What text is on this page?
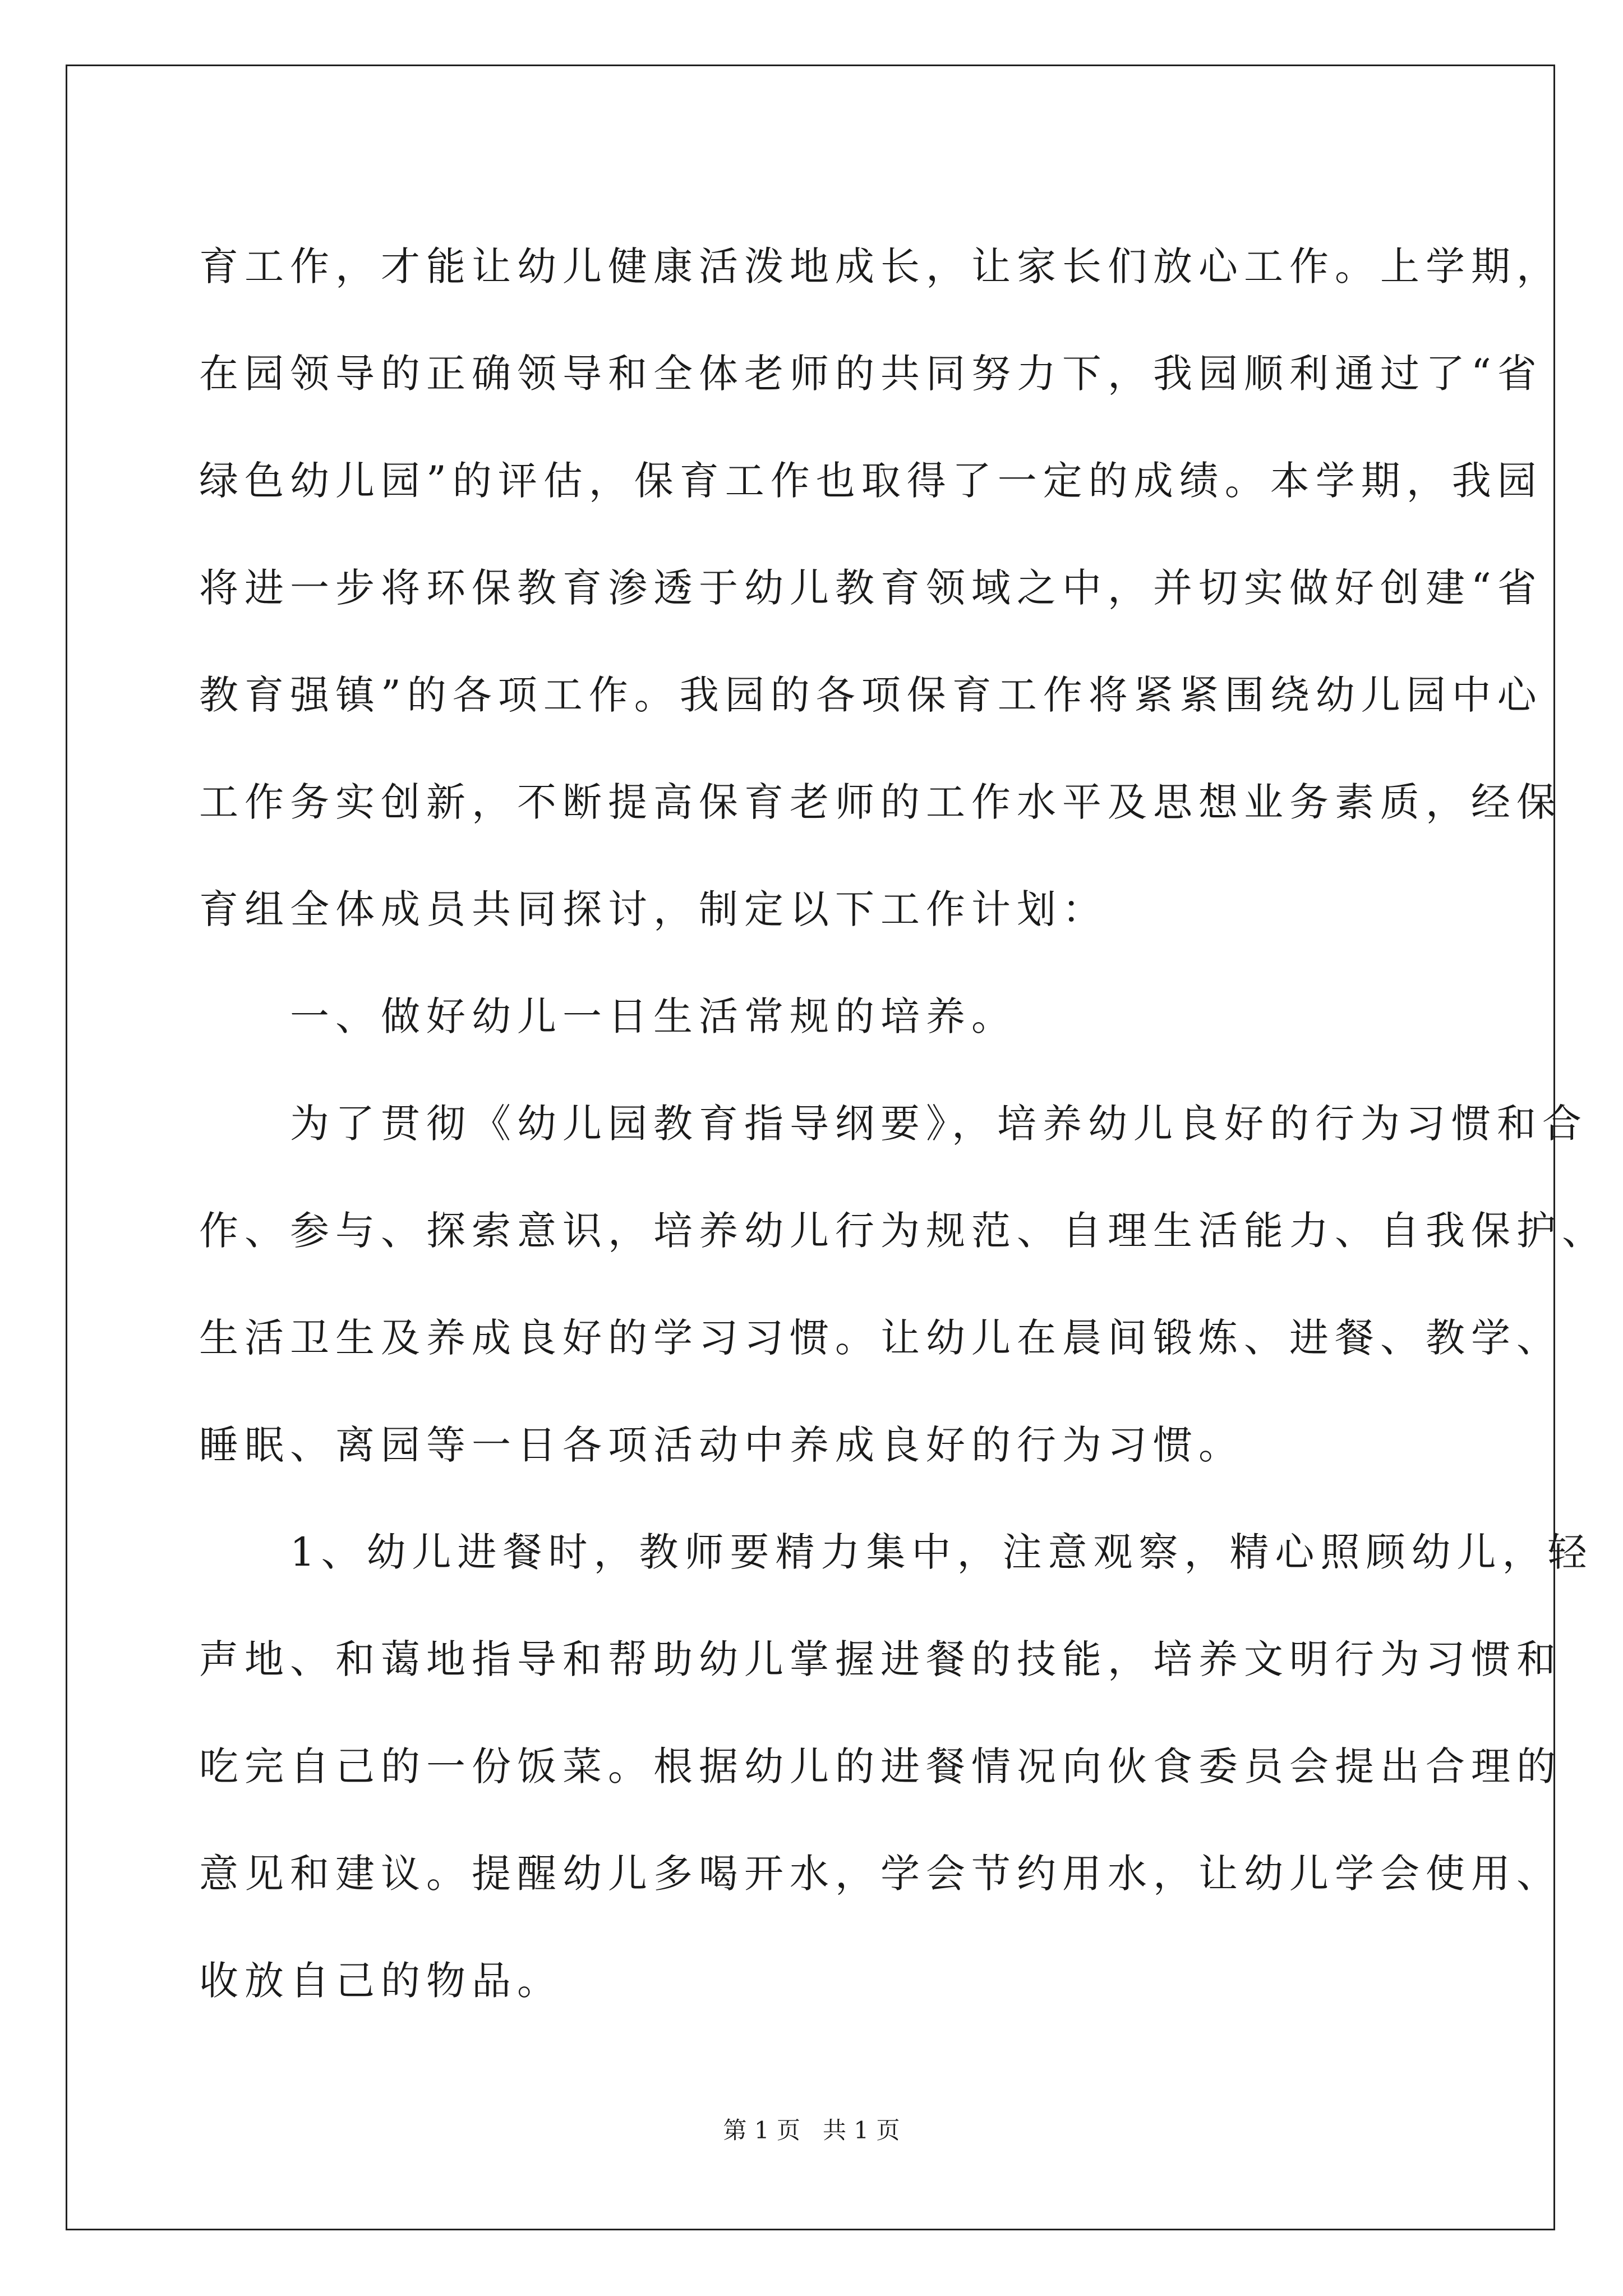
育工作，才能让幼儿健康活泼地成长，让家长们放心工作。上学期，
在园领导的正确领导和全体老师的共同努力下，我园顺利通过了“省
绿色幼儿园”的评估，保育工作也取得了一定的成绩。本学期，我园
将进一步将环保教育渗透于幼儿教育领域之中，并切实做好创建“省
教育强镇”的各项工作。我园的各项保育工作将紧紧围绕幼儿园中心
工作务实创新，不断提高保育老师的工作水平及思想业务素质，经保
育组全体成员共同探讨，制定以下工作计划：
　　一、做好幼儿一日生活常规的培养。
　　为了贯彻《幼儿园教育指导纲要》，培养幼儿良好的行为习惯和合
作、参与、探索意识，培养幼儿行为规范、自理生活能力、自我保护、
生活卫生及养成良好的学习习惯。让幼儿在晨间锻炼、进餐、教学、
睡眠、离园等一日各项活动中养成良好的行为习惯。
　　1、幼儿进餐时，教师要精力集中，注意观察，精心照顾幼儿，轻
声地、和蔼地指导和帮助幼儿掌握进餐的技能，培养文明行为习惯和
吃完自己的一份饭菜。根据幼儿的进餐情况向伙食委员会提出合理的
意见和建议。提醒幼儿多喝开水，学会节约用水，让幼儿学会使用、
收放自己的物品。
第 1 页   共 1 页
